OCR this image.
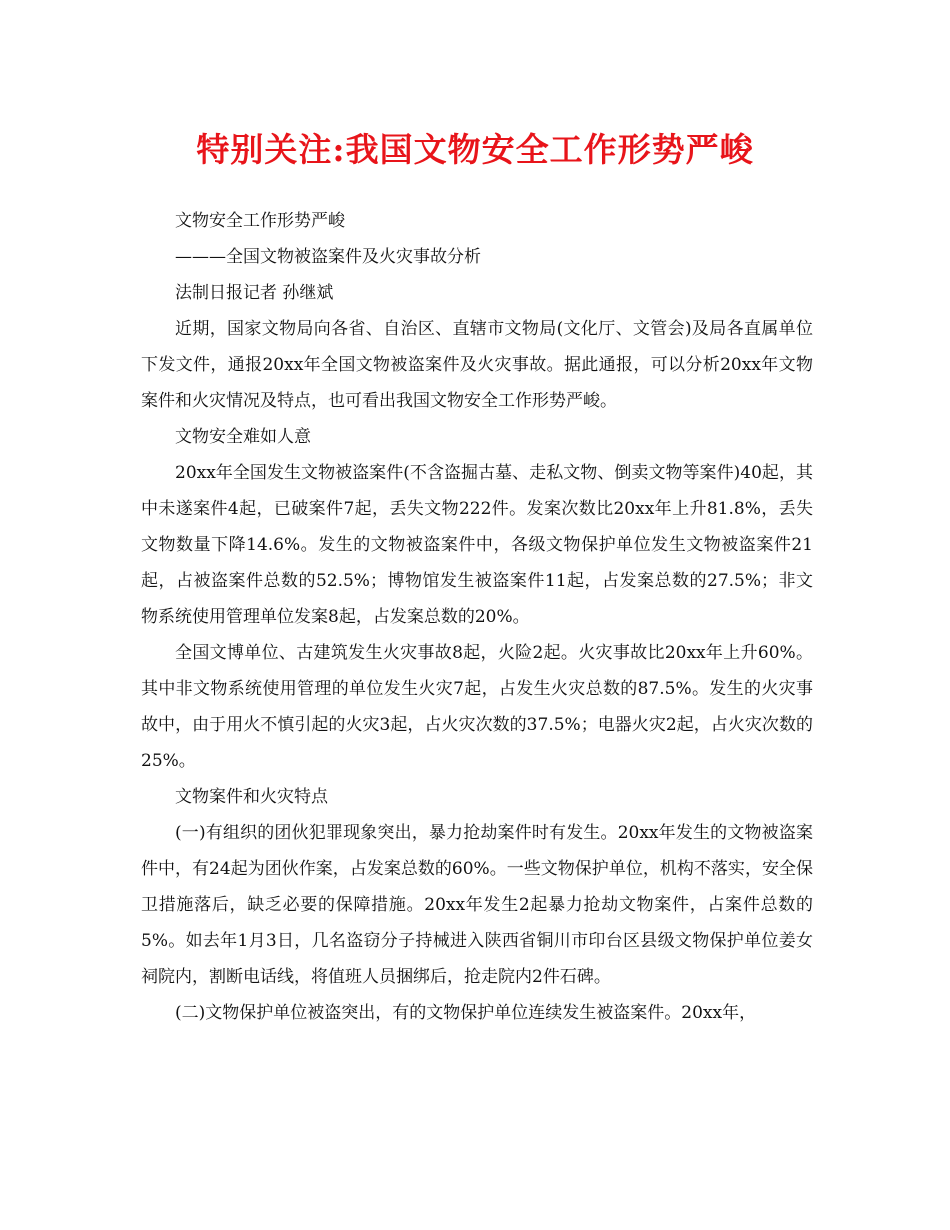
特别关注:我国文物安全工作形势严峻

文物安全工作形势严峻

———全国文物被盗案件及火灾事故分析

法制日报记者 孙继斌

近期，国家文物局向各省、自治区、直辖市文物局(文化厅、文管会)及局各直属单位下发文件，通报20xx年全国文物被盗案件及火灾事故。据此通报，可以分析20xx年文物案件和火灾情况及特点，也可看出我国文物安全工作形势严峻。

文物安全难如人意

20xx年全国发生文物被盗案件(不含盗掘古墓、走私文物、倒卖文物等案件)40起，其中未遂案件4起，已破案件7起，丢失文物222件。发案次数比20xx年上升81.8%，丢失文物数量下降14.6%。发生的文物被盗案件中，各级文物保护单位发生文物被盗案件21起，占被盗案件总数的52.5%；博物馆发生被盗案件11起，占发案总数的27.5%；非文物系统使用管理单位发案8起，占发案总数的20%。

全国文博单位、古建筑发生火灾事故8起，火险2起。火灾事故比20xx年上升60%。其中非文物系统使用管理的单位发生火灾7起，占发生火灾总数的87.5%。发生的火灾事故中，由于用火不慎引起的火灾3起，占火灾次数的37.5%；电器火灾2起，占火灾次数的25%。

文物案件和火灾特点

(一)有组织的团伙犯罪现象突出，暴力抢劫案件时有发生。20xx年发生的文物被盗案件中，有24起为团伙作案，占发案总数的60%。一些文物保护单位，机构不落实，安全保卫措施落后，缺乏必要的保障措施。20xx年发生2起暴力抢劫文物案件，占案件总数的5%。如去年1月3日，几名盗窃分子持械进入陕西省铜川市印台区县级文物保护单位姜女祠院内，割断电话线，将值班人员捆绑后，抢走院内2件石碑。

(二)文物保护单位被盗突出，有的文物保护单位连续发生被盗案件。20xx年，
